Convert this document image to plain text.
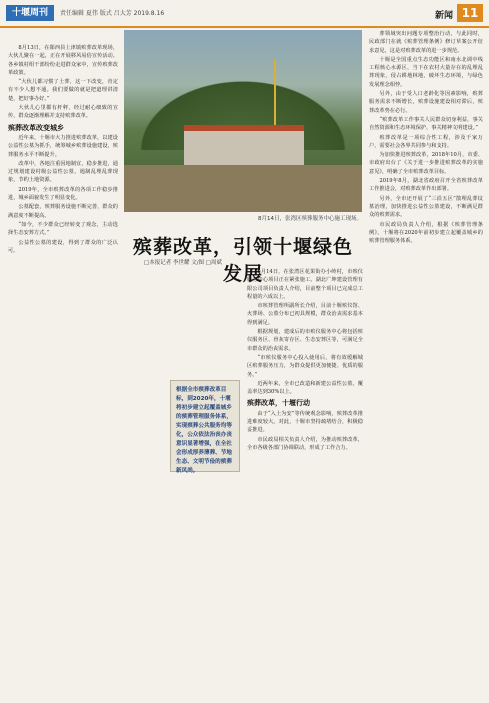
十堰周刊	责任编辑 夏伟 版式 吕大芳 2019.8.16	新闻 11

8月13日，在郧西县上津镇殡葬改革现场，大伙儿聚在一起，正在开展移风易俗宣传活动。各乡镇村组干部纷纷走进群众家中，宣传殡葬改革政策。

“大伙儿都习惯了土葬，这一下改变，肯定有不少人想不通。我们要做的就是把道理讲清楚，把好事办好。”

大伙儿心里都有杆秤，经过耐心细致的宣传，群众逐渐理解并支持殡葬改革。

殡葬改革改变城乡

近年来，十堰市大力推进殡葬改革，以建设公益性公墓为抓手，统筹城乡殡葬设施建设，殡葬服务水平不断提升。

改革中，各地注重因地制宜，稳步推进，通过规划建设村级公益性公墓，遏制乱埋乱葬现象，节约土地资源。

2019年，全市殡葬改革的各项工作稳步推进，城乡面貌发生了明显变化。

公墓配套，殡葬服务设施不断完善，群众的满意度不断提高。

“如今，不少群众已经转变了观念，主动选择生态安葬方式。”

公益性公墓的建设，得到了群众的广泛认可。

8月14日，张湾区殡葬服务中心施工现场。
殡葬改革，引领十堰绿色发展
□本报记者 李世耀 文/图 □周斌
根据全市殡葬改革目标，到2020年，十堰将初步建立起覆盖城乡的殡葬管理服务体系，实现殡葬公共服务均等化，公众依法治丧办丧意识显著增强，在全社会形成厚养薄葬、节地生态、文明节俭的殡葬新风尚。

8月14日，在张湾区花果街办小岭村，市殡仪服务中心项目正在紧张施工。湖北广坤建设管理有限公司项目负责人介绍，目前整个项目已完成总工程量的六成以上。

市殡葬管理所副所长介绍，目前十堰殡仪馆、火葬场、公墓分布已初具规模，群众治丧需求基本得到满足。

根据规划，建成后的市殡仪服务中心将包括殡仪服务区、骨灰寄存区、生态安葬区等，可满足全市群众的治丧需求。

“市殡仪服务中心投入使用后，将有效缓解城区殡葬服务压力，为群众提供更加便捷、优质的服务。”

近两年来，全市已改造和新建公益性公墓，覆盖率达到30%以上。

殡葬改革，十堰行动

由于“入土为安”等传统观念影响，殡葬改革推进难度较大。对此，十堰市坚持疏堵结合，积极稳妥推进。

市民政局相关负责人介绍，为推动殡葬改革，全市各级各部门协调联动，形成了工作合力。

葬领域突出问题专项整治行动，与此同时，民政部门在就《殡葬管理条例》修订草案公开征求意见，这是对殡葬改革的进一步规范。

十堰是全国重点生态功能区和南水北调中线工程核心水源区，当下在农村大量存在的乱埋乱葬现象，侵占耕地林地，破坏生态环境，与绿色发展理念相悖。

另外，由于受人口老龄化等因素影响，殡葬服务需求不断增长，殡葬设施建设相对滞后，殡葬改革势在必行。

“殡葬改革工作事关人民群众切身利益，事关自然资源和生态环境保护，事关精神文明建设。”

殡葬改革是一项综合性工程，涉及千家万户，需要社会各界共同参与和支持。

为加快推进殡葬改革，2018年10月，市委、市政府出台了《关于进一步推进殡葬改革的实施意见》，明确了全市殡葬改革目标。

2019年8月，湖北省政府召开全省殡葬改革工作推进会，对殡葬改革作出部署。

另外，全市还开展了“三沿五区”散埋乱葬坟墓治理，加快推进公益性公墓建设，不断满足群众的殡葬需求。

市民政局负责人介绍，根据《殡葬管理条例》，十堰将在2020年前初步建立起覆盖城乡的殡葬管理服务体系。
